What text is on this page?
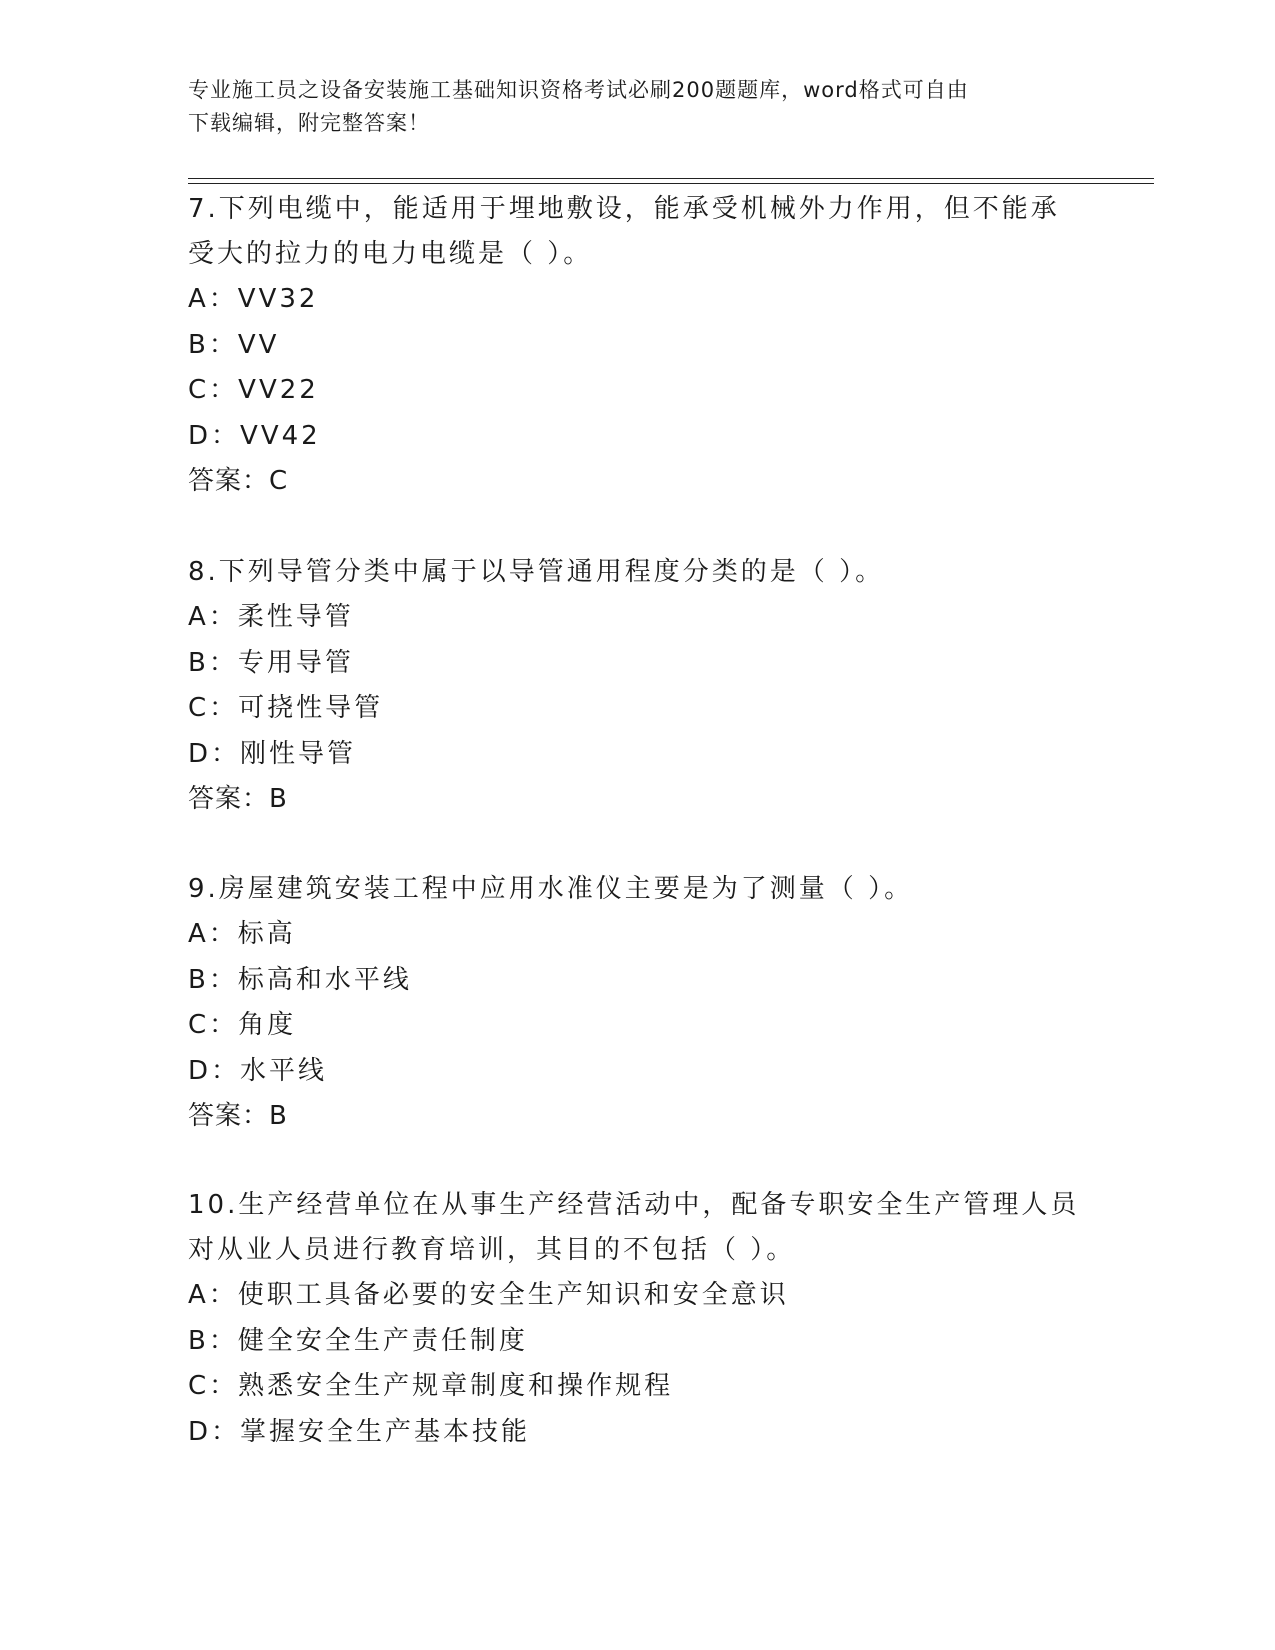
专业施工员之设备安装施工基础知识资格考试必刷200题题库，word格式可自由
下载编辑，附完整答案！

7.下列电缆中，能适用于埋地敷设，能承受机械外力作用，但不能承

受大的拉力的电力电缆是（ ）。

A：VV32

B：VV

C：VV22

D：VV42

答案：C

8.下列导管分类中属于以导管通用程度分类的是（ ）。

A：柔性导管

B：专用导管

C：可挠性导管

D：刚性导管

答案：B

9.房屋建筑安装工程中应用水准仪主要是为了测量（ ）。

A：标高

B：标高和水平线

C：角度

D：水平线

答案：B

10.生产经营单位在从事生产经营活动中，配备专职安全生产管理人员

对从业人员进行教育培训，其目的不包括（ ）。

A：使职工具备必要的安全生产知识和安全意识

B：健全安全生产责任制度

C：熟悉安全生产规章制度和操作规程

D：掌握安全生产基本技能
